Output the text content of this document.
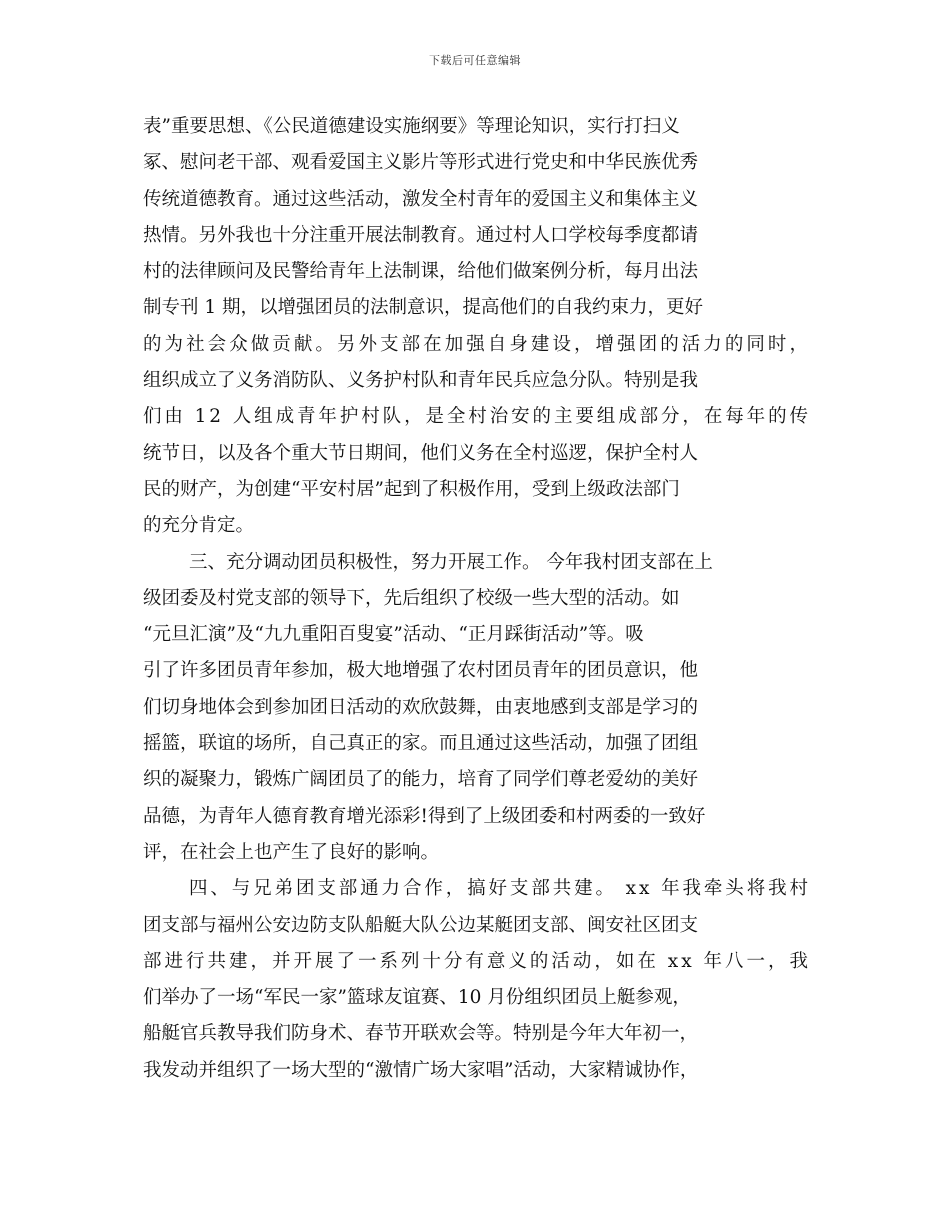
下载后可任意编辑
表”重要思想、《公民道德建设实施纲要》等理论知识，实行打扫义
冢、慰问老干部、观看爱国主义影片等形式进行党史和中华民族优秀
传统道德教育。通过这些活动，激发全村青年的爱国主义和集体主义
热情。另外我也十分注重开展法制教育。通过村人口学校每季度都请
村的法律顾问及民警给青年上法制课，给他们做案例分析，每月出法
制专刊 1 期，以增强团员的法制意识，提高他们的自我约束力，更好
的为社会众做贡献。另外支部在加强自身建设，增强团的活力的同时，
组织成立了义务消防队、义务护村队和青年民兵应急分队。特别是我
们由 12 人组成青年护村队，是全村治安的主要组成部分，在每年的传
统节日，以及各个重大节日期间，他们义务在全村巡逻，保护全村人
民的财产，为创建“平安村居”起到了积极作用，受到上级政法部门
的充分肯定。
三、充分调动团员积极性，努力开展工作。 今年我村团支部在上
级团委及村党支部的领导下，先后组织了校级一些大型的活动。如
“元旦汇演”及“九九重阳百叟宴”活动、“正月踩街活动”等。吸
引了许多团员青年参加，极大地增强了农村团员青年的团员意识，他
们切身地体会到参加团日活动的欢欣鼓舞，由衷地感到支部是学习的
摇篮，联谊的场所，自己真正的家。而且通过这些活动，加强了团组
织的凝聚力，锻炼广阔团员了的能力，培育了同学们尊老爱幼的美好
品德，为青年人德育教育增光添彩!得到了上级团委和村两委的一致好
评，在社会上也产生了良好的影响。
四、与兄弟团支部通力合作，搞好支部共建。 xx 年我牵头将我村
团支部与福州公安边防支队船艇大队公边某艇团支部、闽安社区团支
部进行共建，并开展了一系列十分有意义的活动，如在 xx 年八一，我
们举办了一场“军民一家”篮球友谊赛、10 月份组织团员上艇参观，
船艇官兵教导我们防身术、春节开联欢会等。特别是今年大年初一，
我发动并组织了一场大型的“激情广场大家唱”活动，大家精诚协作，
